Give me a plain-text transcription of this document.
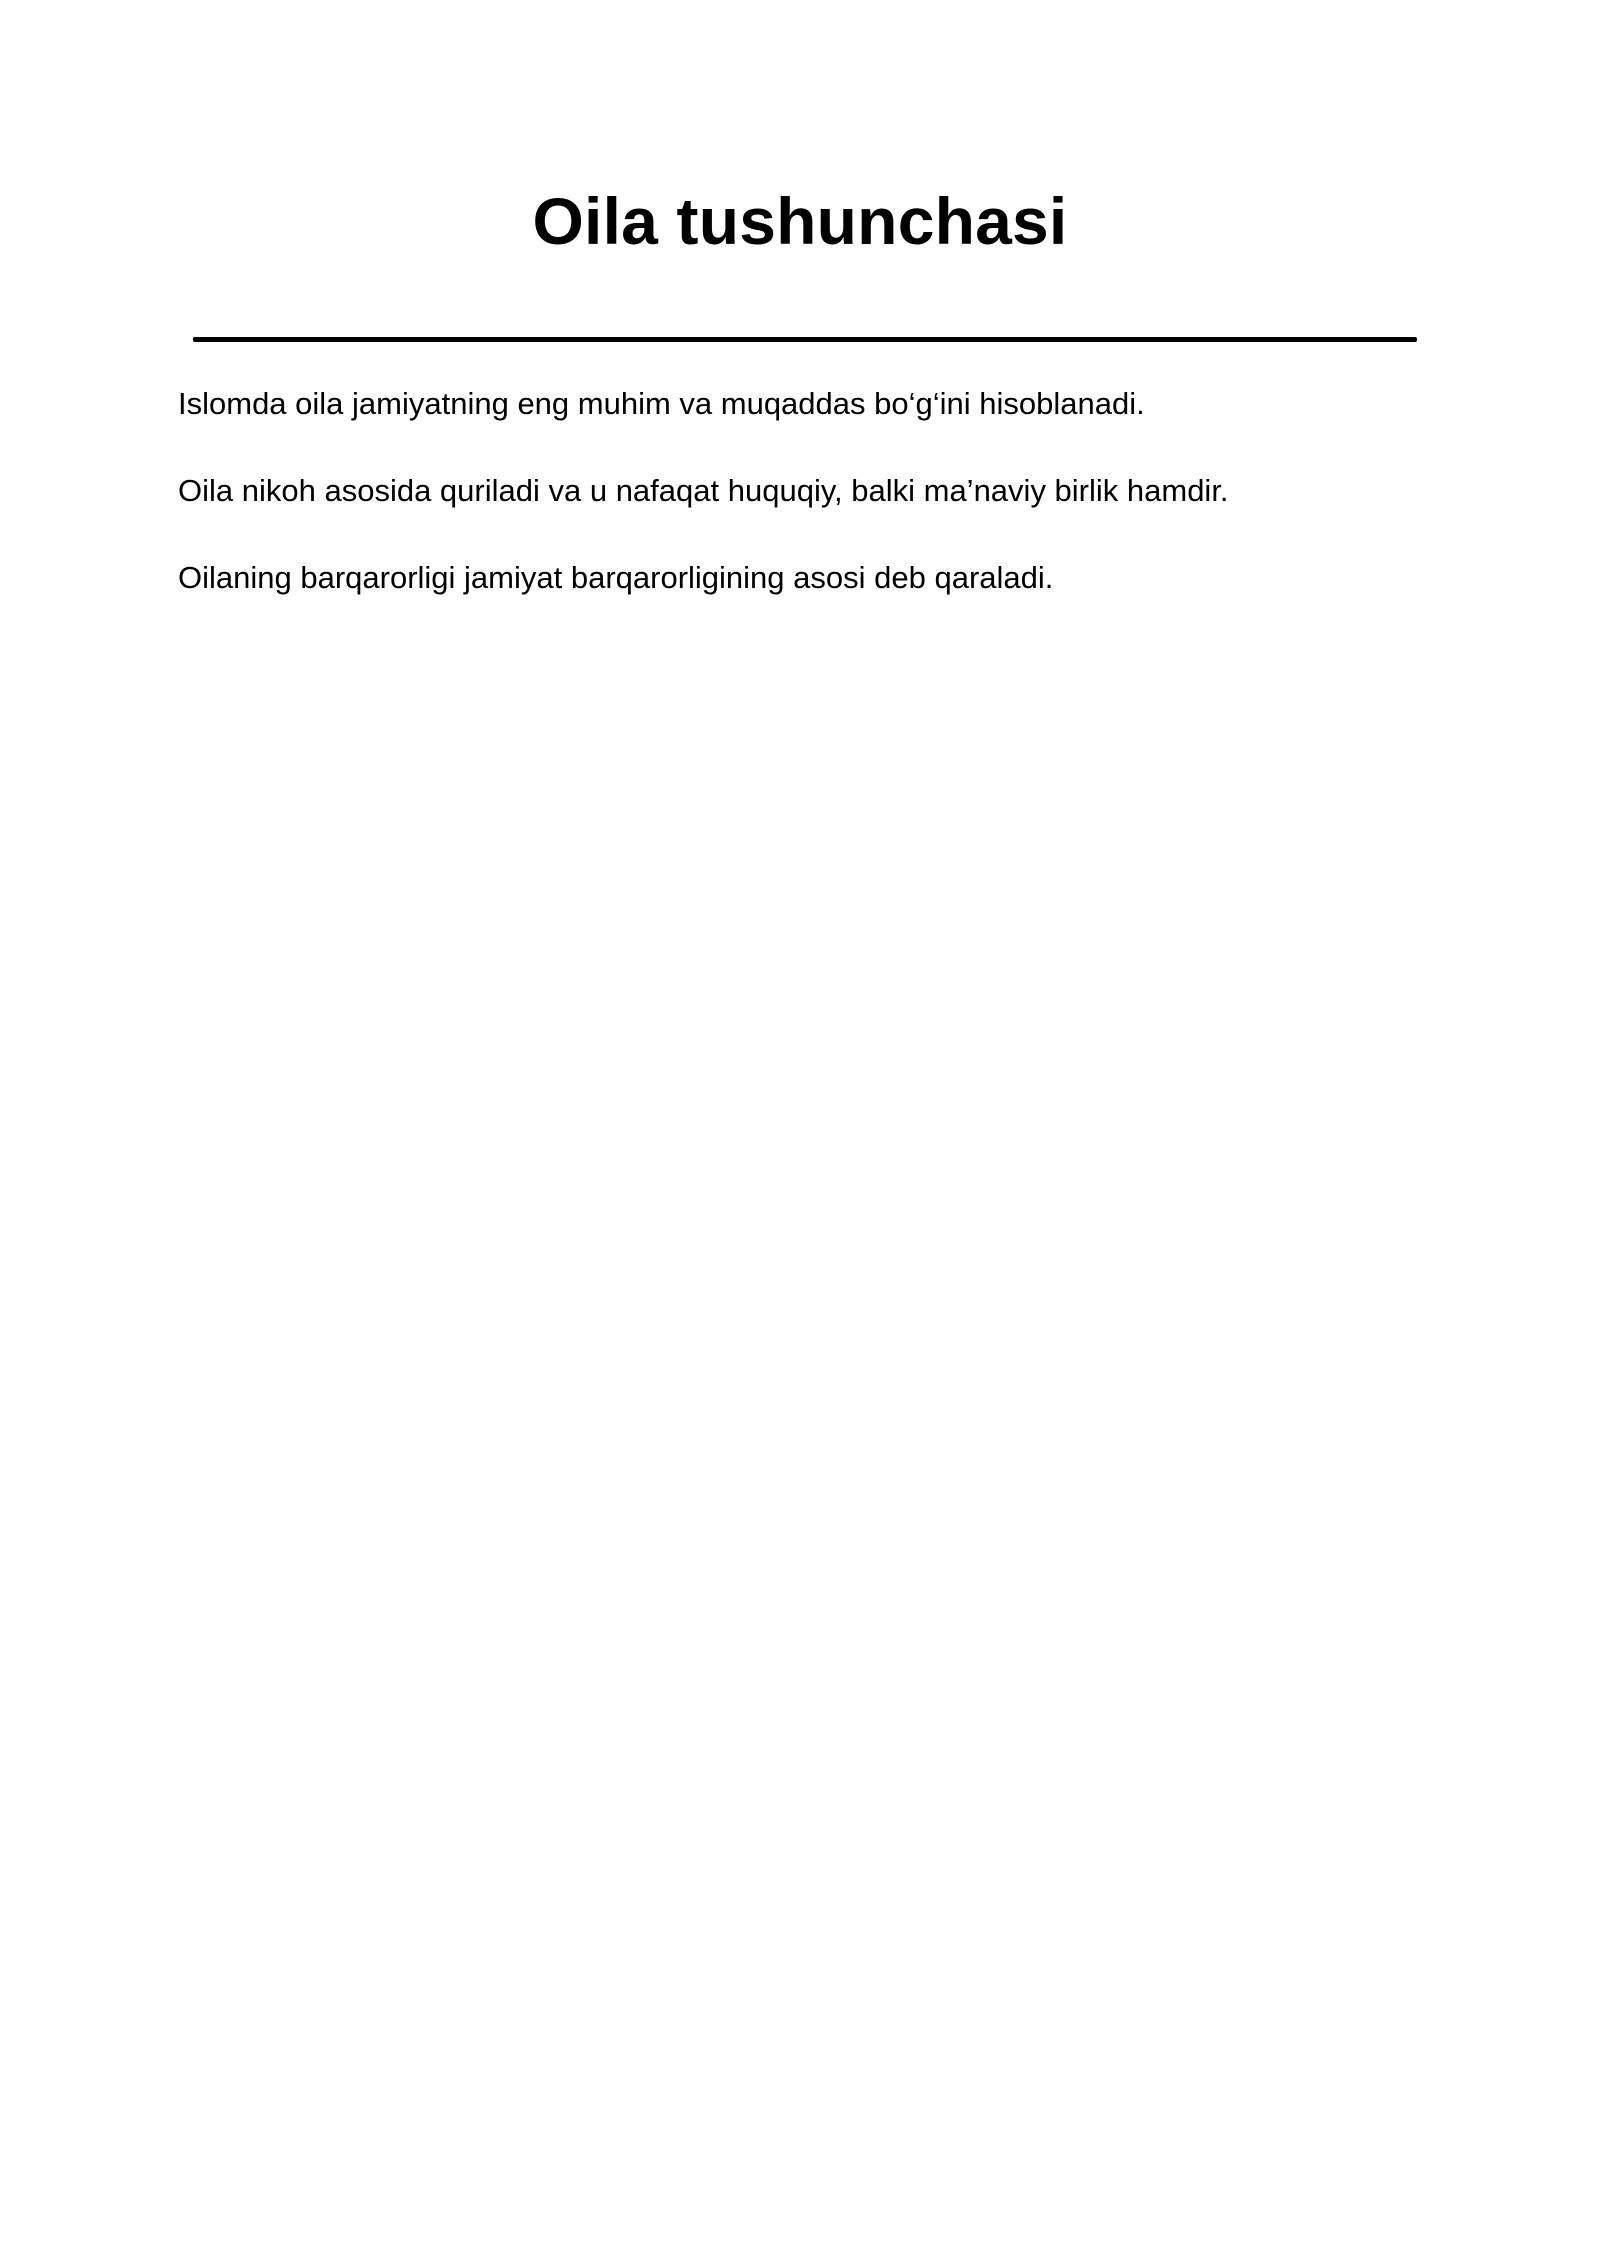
Oila tushunchasi

Islomda oila jamiyatning eng muhim va muqaddas bo‘g‘ini hisoblanadi.

Oila nikoh asosida quriladi va u nafaqat huquqiy, balki ma’naviy birlik hamdir.

Oilaning barqarorligi jamiyat barqarorligining asosi deb qaraladi.
